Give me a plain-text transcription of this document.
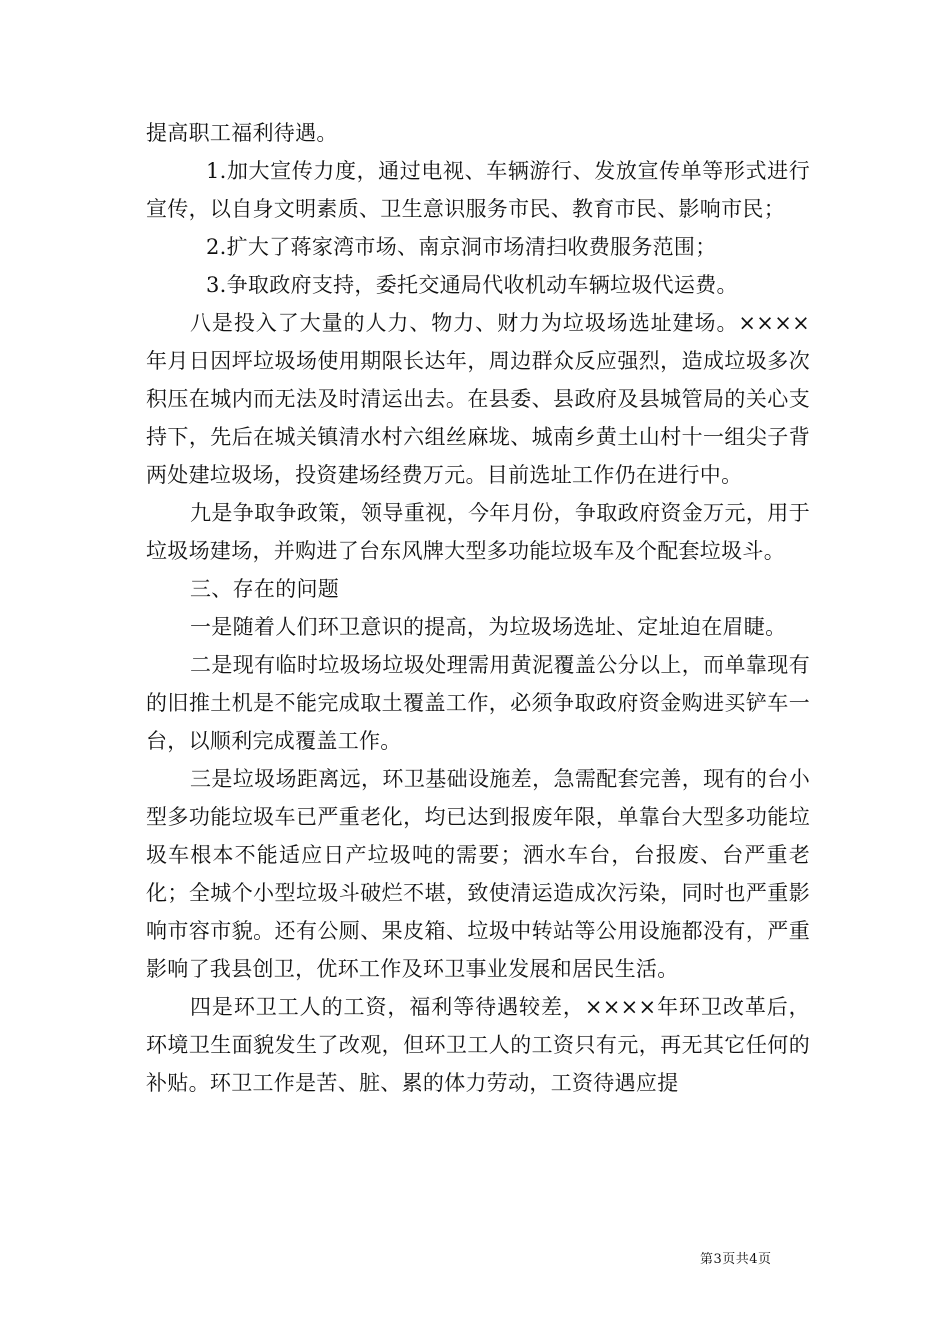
提高职工福利待遇。

1.加大宣传力度，通过电视、车辆游行、发放宣传单等形式进行宣传，以自身文明素质、卫生意识服务市民、教育市民、影响市民；

2.扩大了蒋家湾市场、南京洞市场清扫收费服务范围；

3.争取政府支持，委托交通局代收机动车辆垃圾代运费。

八是投入了大量的人力、物力、财力为垃圾场选址建场。××××年月日因坪垃圾场使用期限长达年，周边群众反应强烈，造成垃圾多次积压在城内而无法及时清运出去。在县委、县政府及县城管局的关心支持下，先后在城关镇清水村六组丝麻垅、城南乡黄土山村十一组尖子背两处建垃圾场，投资建场经费万元。目前选址工作仍在进行中。

九是争取争政策，领导重视，今年月份，争取政府资金万元，用于垃圾场建场，并购进了台东风牌大型多功能垃圾车及个配套垃圾斗。

三、存在的问题

一是随着人们环卫意识的提高，为垃圾场选址、定址迫在眉睫。

二是现有临时垃圾场垃圾处理需用黄泥覆盖公分以上，而单靠现有的旧推土机是不能完成取土覆盖工作，必须争取政府资金购进买铲车一台，以顺利完成覆盖工作。

三是垃圾场距离远，环卫基础设施差，急需配套完善，现有的台小型多功能垃圾车已严重老化，均已达到报废年限，单靠台大型多功能垃圾车根本不能适应日产垃圾吨的需要；洒水车台，台报废、台严重老化；全城个小型垃圾斗破烂不堪，致使清运造成次污染，同时也严重影响市容市貌。还有公厕、果皮箱、垃圾中转站等公用设施都没有，严重影响了我县创卫，优环工作及环卫事业发展和居民生活。

四是环卫工人的工资，福利等待遇较差，××××年环卫改革后，环境卫生面貌发生了改观，但环卫工人的工资只有元，再无其它任何的补贴。环卫工作是苦、脏、累的体力劳动，工资待遇应提

第3页共4页
